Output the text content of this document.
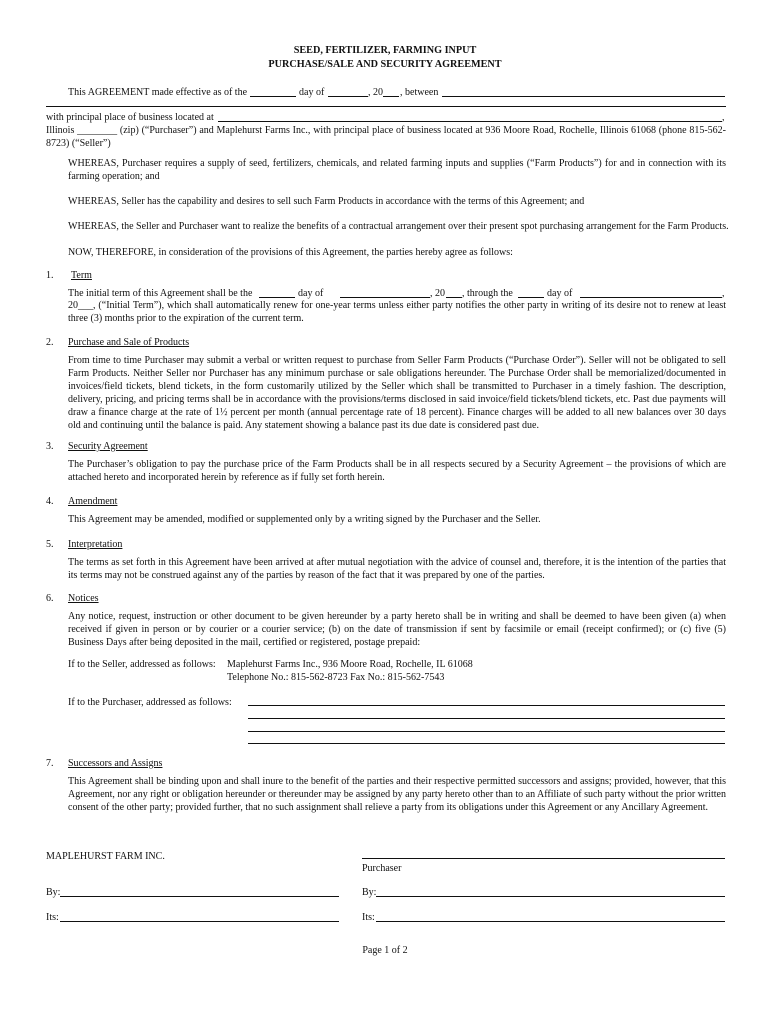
SEED, FERTILIZER, FARMING INPUT
PURCHASE/SALE AND SECURITY AGREEMENT
This AGREEMENT made effective as of the	day of	, 20 , between
with principal place of business located at	,
Illinois ________ (zip) (“Purchaser”) and Maplehurst Farms Inc., with principal place of business located at 936 Moore Road, Rochelle, Illinois 61068 (phone 815-562-8723) (“Seller”)
WHEREAS, Purchaser requires a supply of seed, fertilizers, chemicals, and related farming inputs and supplies (“Farm Products”) for and in connection with its farming operation; and
WHEREAS, Seller has the capability and desires to sell such Farm Products in accordance with the terms of this Agreement; and
WHEREAS, the Seller and Purchaser want to realize the benefits of a contractual arrangement over their present spot purchasing arrangement for the Farm Products.
NOW, THEREFORE, in consideration of the provisions of this Agreement, the parties hereby agree as follows:
1. Term
The initial term of this Agreement shall be the	day of	, 20 , through the	day of	,
20___, (“Initial Term”), which shall automatically renew for one-year terms unless either party notifies the other party in writing of its desire not to renew at least three (3) months prior to the expiration of the current term.
2. Purchase and Sale of Products
From time to time Purchaser may submit a verbal or written request to purchase from Seller Farm Products (“Purchase Order”). Seller will not be obligated to sell Farm Products. Neither Seller nor Purchaser has any minimum purchase or sale obligations hereunder. The Purchase Order shall be memorialized/documented in invoices/field tickets, blend tickets, in the form customarily utilized by the Seller which shall be transmitted to Purchaser in a timely fashion. The description, delivery, pricing, and pricing terms shall be in accordance with the provisions/terms disclosed in said invoice/field tickets/blend tickets, etc. Past due payments will draw a finance charge at the rate of 1½ percent per month (annual percentage rate of 18 percent). Finance charges will be added to all new balances over 30 days old and continuing until the balance is paid. Any statement showing a balance past its due date is considered past due.
3. Security Agreement
The Purchaser’s obligation to pay the purchase price of the Farm Products shall be in all respects secured by a Security Agreement – the provisions of which are attached hereto and incorporated herein by reference as if fully set forth herein.
4. Amendment
This Agreement may be amended, modified or supplemented only by a writing signed by the Purchaser and the Seller.
5. Interpretation
The terms as set forth in this Agreement have been arrived at after mutual negotiation with the advice of counsel and, therefore, it is the intention of the parties that its terms may not be construed against any of the parties by reason of the fact that it was prepared by one of the parties.
6. Notices
Any notice, request, instruction or other document to be given hereunder by a party hereto shall be in writing and shall be deemed to have been given (a) when received if given in person or by courier or a courier service; (b) on the date of transmission if sent by facsimile or email (receipt confirmed); or (c) five (5) Business Days after being deposited in the mail, certified or registered, postage prepaid:
If to the Seller, addressed as follows: Maplehurst Farms Inc., 936 Moore Road, Rochelle, IL 61068
Telephone No.: 815-562-8723 Fax No.: 815-562-7543
If to the Purchaser, addressed as follows:
7. Successors and Assigns
This Agreement shall be binding upon and shall inure to the benefit of the parties and their respective permitted successors and assigns; provided, however, that this Agreement, nor any right or obligation hereunder or thereunder may be assigned by any party hereto other than to an Affiliate of such party without the prior written consent of the other party; provided further, that no such assignment shall relieve a party from its obligations under this Agreement or any Ancillary Agreement.
MAPLEHURST FARM INC.
Purchaser
By:	By:
Its:	Its:
Page 1 of 2
